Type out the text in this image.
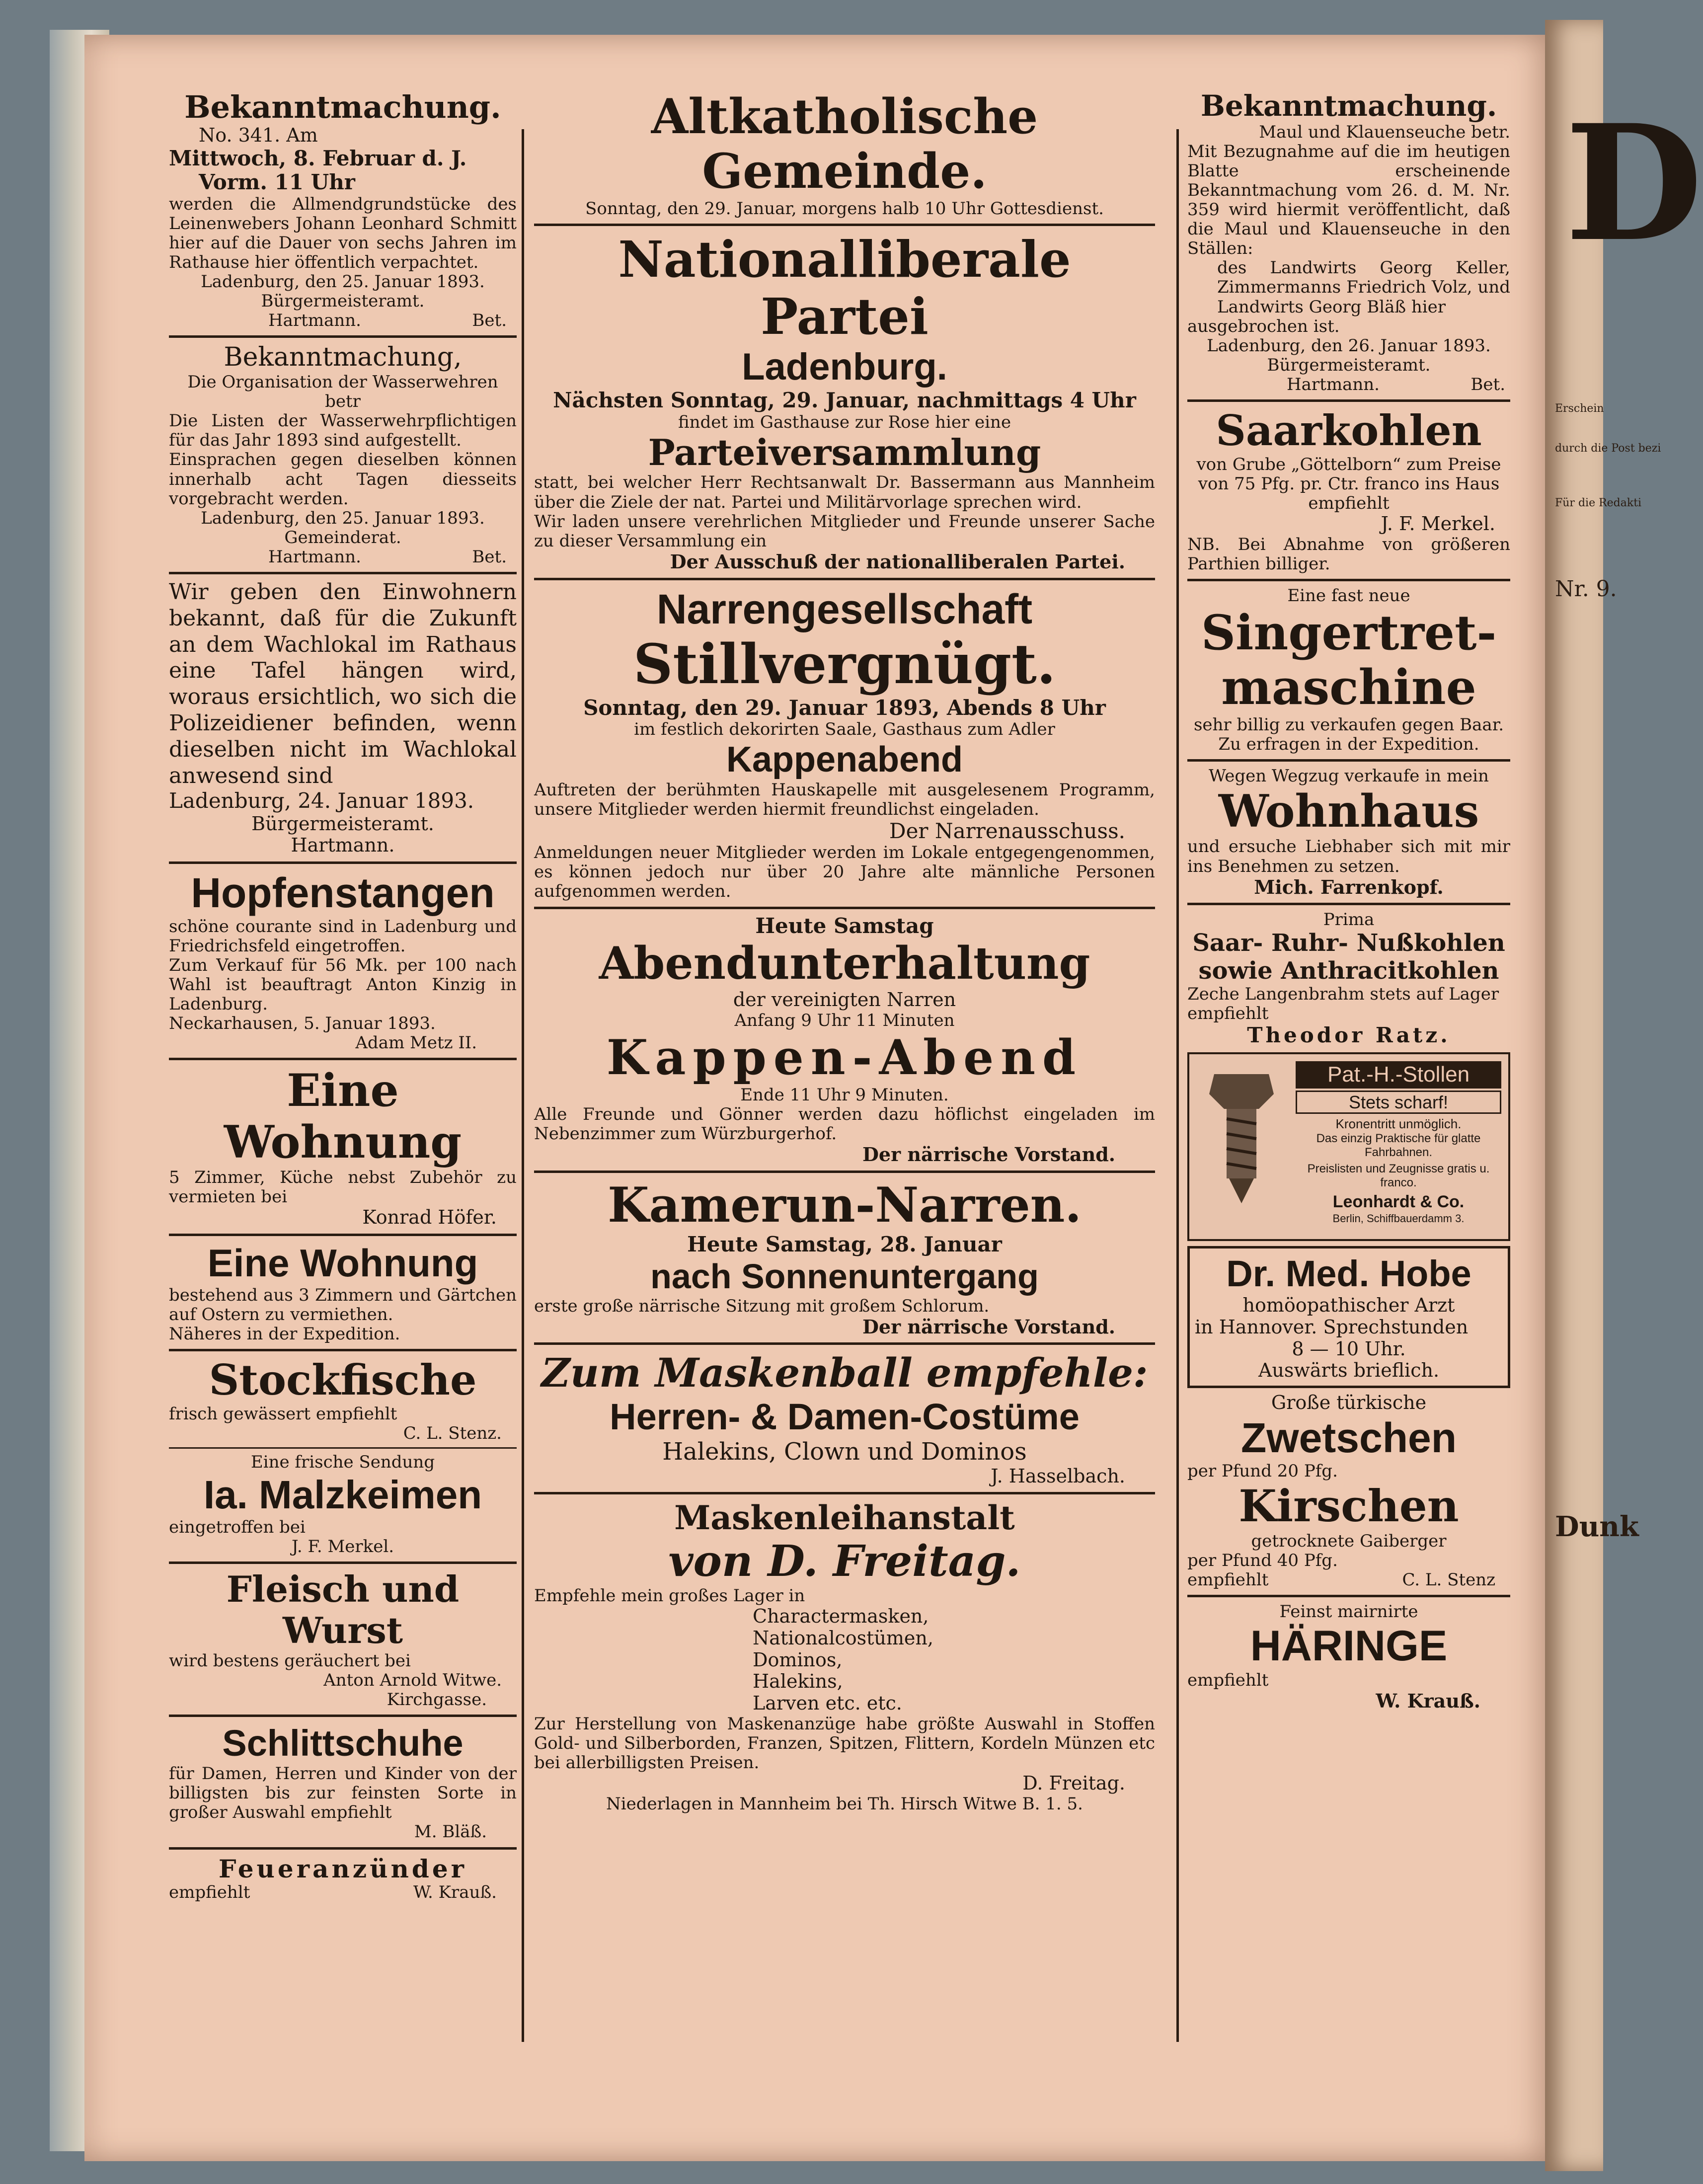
D
Erschein
durch die Post bezi
Für die Redakti
Nr. 9.
Dunk

Bekanntmachung.

No. 341. Am

Mittwoch, 8. Februar d. J.

Vorm. 11 Uhr

werden die Allmendgrundstücke des Leinenwebers Johann Leonhard Schmitt hier auf die Dauer von sechs Jahren im Rathause hier öffentlich verpachtet.

Ladenburg, den 25. Januar 1893.

Bürgermeisteramt.

Hartmann.	Bet.

Bekanntmachung,

Die Organisation der Wasserwehren betr

Die Listen der Wasserwehrpflichtigen für das Jahr 1893 sind aufgestellt.

Einsprachen gegen dieselben können innerhalb acht Tagen diesseits vorgebracht werden.

Ladenburg, den 25. Januar 1893.

Gemeinderat.

Hartmann.	Bet.

Wir geben den Einwohnern bekannt, daß für die Zukunft an dem Wachlokal im Rathaus eine Tafel hängen wird, woraus ersichtlich, wo sich die Polizeidiener befinden, wenn dieselben nicht im Wachlokal anwesend sind

Ladenburg, 24. Januar 1893.

Bürgermeisteramt.

Hartmann.

Hopfenstangen

schöne courante sind in Ladenburg und Friedrichsfeld eingetroffen.

Zum Verkauf für 56 Mk. per 100 nach Wahl ist beauftragt Anton Kinzig in Ladenburg.

Neckarhausen, 5. Januar 1893.

Adam Metz II.

Eine Wohnung

5 Zimmer, Küche nebst Zubehör zu vermieten bei

Konrad Höfer.

Eine Wohnung

bestehend aus 3 Zimmern und Gärtchen auf Ostern zu vermiethen.

Näheres in der Expedition.

Stockfische

frisch gewässert empfiehlt

C. L. Stenz.

Eine frische Sendung

Ia. Malzkeimen

eingetroffen bei

J. F. Merkel.

Fleisch und Wurst

wird bestens geräuchert bei

Anton Arnold Witwe.

Kirchgasse.

Schlittschuhe

für Damen, Herren und Kinder von der billigsten bis zur feinsten Sorte in großer Auswahl empfiehlt

M. Bläß.

Feueranzünder

empfiehlt	W. Krauß.

Altkatholische Gemeinde.

Sonntag, den 29. Januar, morgens halb 10 Uhr Gottesdienst.

Nationalliberale Partei

Ladenburg.

Nächsten Sonntag, 29. Januar, nachmittags 4 Uhr

findet im Gasthause zur Rose hier eine

Parteiversammlung

statt, bei welcher Herr Rechtsanwalt Dr. Bassermann aus Mannheim über die Ziele der nat. Partei und Militärvorlage sprechen wird.

Wir laden unsere verehrlichen Mitglieder und Freunde unserer Sache zu dieser Versammlung ein

Der Ausschuß der nationalliberalen Partei.

Narrengesellschaft

Stillvergnügt.

Sonntag, den 29. Januar 1893, Abends 8 Uhr

im festlich dekorirten Saale, Gasthaus zum Adler

Kappenabend

Auftreten der berühmten Hauskapelle mit ausgelesenem Programm, unsere Mitglieder werden hiermit freundlichst eingeladen.

Der Narrenausschuss.

Anmeldungen neuer Mitglieder werden im Lokale entgegengenommen, es können jedoch nur über 20 Jahre alte männliche Personen aufgenommen werden.

Heute Samstag

Abendunterhaltung

der vereinigten Narren

Anfang 9 Uhr 11 Minuten

Kappen-Abend

Ende 11 Uhr 9 Minuten.

Alle Freunde und Gönner werden dazu höflichst eingeladen im Nebenzimmer zum Würzburgerhof.

Der närrische Vorstand.

Kamerun-Narren.

Heute Samstag, 28. Januar

nach Sonnenuntergang

erste große närrische Sitzung mit großem Schlorum.

Der närrische Vorstand.

Zum Maskenball empfehle:

Herren- & Damen-Costüme

Halekins, Clown und Dominos

J. Hasselbach.

Maskenleihanstalt

von D. Freitag.

Empfehle mein großes Lager in

Charactermasken,

Nationalcostümen,

Dominos,

Halekins,

Larven etc. etc.

Zur Herstellung von Maskenanzüge habe größte Auswahl in Stoffen Gold- und Silberborden, Franzen, Spitzen, Flittern, Kordeln Münzen etc bei allerbilligsten Preisen.

D. Freitag.

Niederlagen in Mannheim bei Th. Hirsch Witwe B. 1. 5.

Bekanntmachung.

Maul und Klauenseuche betr.

Mit Bezugnahme auf die im heutigen Blatte erscheinende Bekanntmachung vom 26. d. M. Nr. 359 wird hiermit veröffentlicht, daß die Maul und Klauenseuche in den Ställen:

des Landwirts Georg Keller, Zimmermanns Friedrich Volz, und Landwirts Georg Bläß hier

ausgebrochen ist.

Ladenburg, den 26. Januar 1893.

Bürgermeisteramt.

Hartmann.	Bet.

Saarkohlen

von Grube „Göttelborn“ zum Preise von 75 Pfg. pr. Ctr. franco ins Haus empfiehlt

J. F. Merkel.

NB. Bei Abnahme von größeren Parthien billiger.

Eine fast neue

Singertret-

maschine

sehr billig zu verkaufen gegen Baar. Zu erfragen in der Expedition.

Wegen Wegzug verkaufe in mein

Wohnhaus

und ersuche Liebhaber sich mit mir ins Benehmen zu setzen.

Mich. Farrenkopf.

Prima

Saar- Ruhr- Nußkohlen

sowie Anthracitkohlen

Zeche Langenbrahm stets auf Lager empfiehlt

Theodor Ratz.

Pat.-H.-Stollen

Stets scharf!

Kronentritt unmöglich.

Das einzig Praktische für glatte Fahrbahnen.

Preislisten und Zeugnisse gratis u. franco.

Leonhardt & Co.

Berlin, Schiffbauerdamm 3.

Dr. Med. Hobe

homöopathischer Arzt

in Hannover. Sprechstunden

8 — 10 Uhr.

Auswärts brieflich.

Große türkische

Zwetschen

per Pfund 20 Pfg.

Kirschen

getrocknete Gaiberger

per Pfund 40 Pfg.

empfiehlt	C. L. Stenz

Feinst mairnirte

HÄRINGE

empfiehlt

W. Krauß.
